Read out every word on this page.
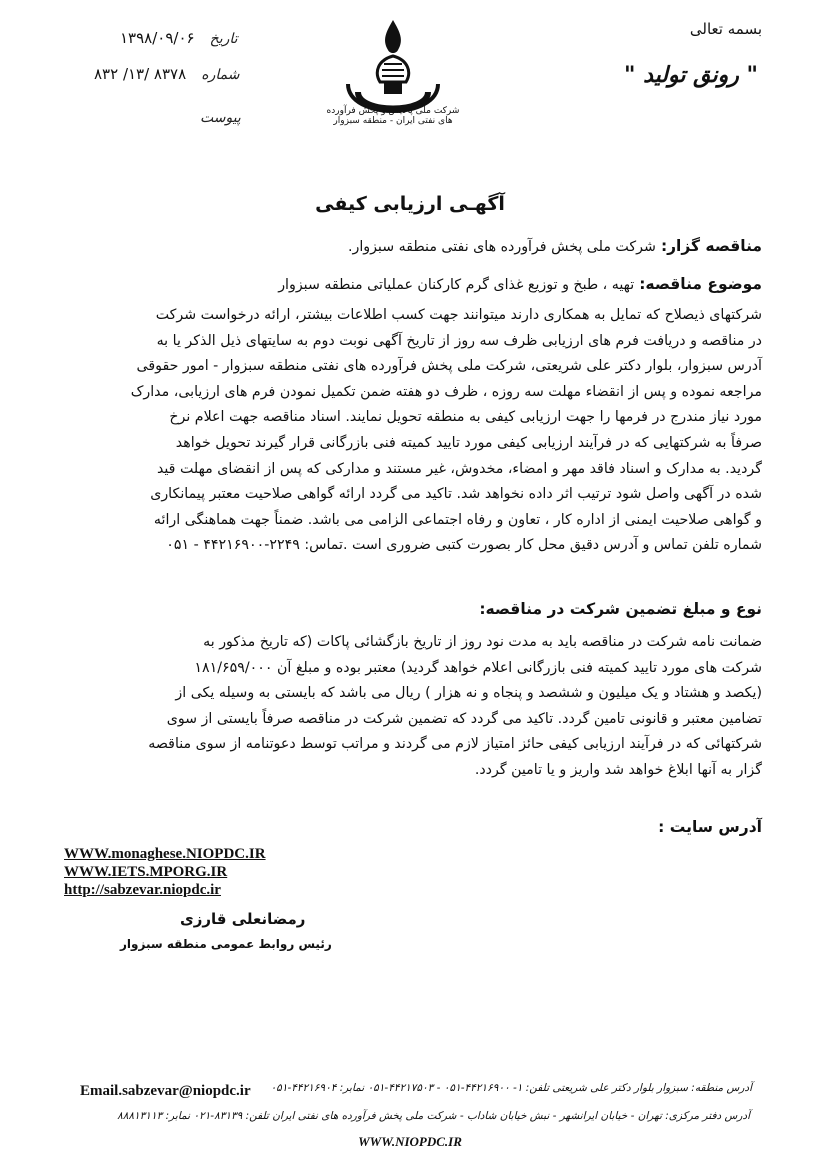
بسمه تعالی
" رونق تولید "
۱۳۹۸/۰۹/۰۶ تاریخ
۸۳۲ /۱۳/ ۸۳۷۸ شماره
پیوست	شرکت ملی پالایش و پخش فرآورده های نفتی ایران - منطقه سبزوار
آگهـی ارزیابی کیفی
مناقصه گزار: شرکت ملی پخش فرآورده های نفتی منطقه سبزوار.
موضوع مناقصه: تهیه ، طبخ و توزیع غذای گرم کارکنان عملیاتی منطقه سبزوار
شرکتهای ذیصلاح که تمایل به همکاری دارند میتوانند جهت کسب اطلاعات بیشتر، ارائه درخواست شرکت
در مناقصه و دریافت فرم های ارزیابی ظرف سه روز از تاریخ آگهی نوبت دوم به سایتهای ذیل الذکر یا به
آدرس سبزوار، بلوار دکتر علی شریعتی، شرکت ملی پخش فرآورده های نفتی منطقه سبزوار - امور حقوقی
مراجعه نموده و پس از انقضاء مهلت سه روزه ، ظرف دو هفته ضمن تکمیل نمودن فرم های ارزیابی، مدارک
مورد نیاز مندرج در فرمها را جهت ارزیابی کیفی به منطقه تحویل نمایند. اسناد مناقصه جهت اعلام نرخ
صرفاً به شرکتهایی که در فرآیند ارزیابی کیفی مورد تایید کمیته فنی بازرگانی قرار گیرند تحویل خواهد
گردید. به مدارک و اسناد فاقد مهر و امضاء، مخدوش، غیر مستند و مدارکی که پس از انقضای مهلت قید
شده در آگهی واصل شود ترتیب اثر داده نخواهد شد. تاکید می گردد ارائه گواهی صلاحیت معتبر پیمانکاری
و گواهی صلاحیت ایمنی از اداره کار ، تعاون و رفاه اجتماعی الزامی می باشد. ضمناً جهت هماهنگی ارائه
شماره تلفن تماس و آدرس دقیق محل کار بصورت کتبی ضروری است .تماس: ۲۲۴۹-۴۴۲۱۶۹۰۰ - ۰۵۱
نوع و مبلغ تضمین شرکت در مناقصه:
ضمانت نامه شرکت در مناقصه باید به مدت نود روز از تاریخ بازگشائی پاکات (که تاریخ مذکور به
شرکت های مورد تایید کمیته فنی بازرگانی اعلام خواهد گردید) معتبر بوده و مبلغ آن ۱۸۱/۶۵۹/۰۰۰
(یکصد و هشتاد و یک میلیون و ششصد و پنجاه و نه هزار ) ریال می باشد که بایستی به وسیله یکی از
تضامین معتبر و قانونی تامین گردد. تاکید می گردد که تضمین شرکت در مناقصه صرفاً بایستی از سوی
شرکتهائی که در فرآیند ارزیابی کیفی حائز امتیاز لازم می گردند و مراتب توسط دعوتنامه از سوی مناقصه
گزار به آنها ابلاغ خواهد شد واریز و یا تامین گردد.
آدرس سایت :
WWW.monaghese.NIOPDC.IR
WWW.IETS.MPORG.IR
http://sabzevar.niopdc.ir
رمضانعلی قارزی
رئیس روابط عمومی منطقه سبزوار
Email.sabzevar@niopdc.ir آدرس منطقه: سبزوار بلوار دکتر علی شریعتی تلفن: ۱- ۴۴۲۱۶۹۰۰-۰۵۱ - ۴۴۲۱۷۵۰۳-۰۵۱ نمابر: ۴۴۲۱۶۹۰۴-۰۵۱
آدرس دفتر مرکزی: تهران - خیابان ایرانشهر - نبش خیابان شاداب - شرکت ملی پخش فرآورده های نفتی ایران تلفن: ۸۳۱۳۹-۰۲۱ نمابر: ۸۸۸۱۳۱۱۳
WWW.NIOPDC.IR
